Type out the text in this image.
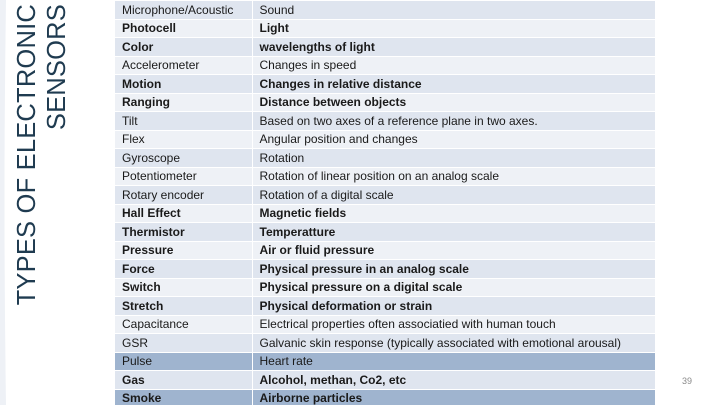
TYPES OF ELECTRONIC SENSORS	Microphone/Acoustic	Sound
Photocell	Light
Color	wavelengths of light
Accelerometer	Changes in speed
Motion	Changes in relative distance
Ranging	Distance between objects
Tilt	Based on two axes of a reference plane in two axes.
Flex	Angular position and changes
Gyroscope	Rotation
Potentiometer	Rotation of linear position on an analog scale
Rotary encoder	Rotation of a digital scale
Hall Effect	Magnetic fields
Thermistor	Temperatture
Pressure	Air or fluid pressure
Force	Physical pressure in an analog scale
Switch	Physical pressure on a digital scale
Stretch	Physical deformation or strain
Capacitance	Electrical properties often associatied with human touch
GSR	Galvanic skin response (typically associated with emotional arousal)
Pulse	Heart rate
Gas	Alcohol, methan, Co2, etc
Smoke	Airborne particles
39
